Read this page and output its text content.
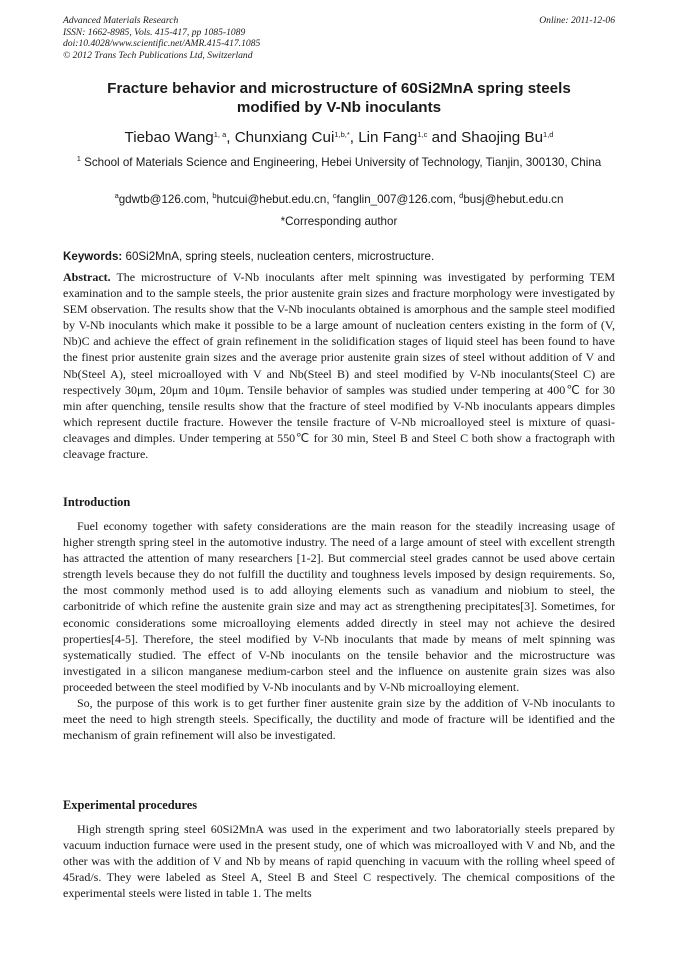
Advanced Materials Research
ISSN: 1662-8985, Vols. 415-417, pp 1085-1089
doi:10.4028/www.scientific.net/AMR.415-417.1085
© 2012 Trans Tech Publications Ltd, Switzerland
Online: 2011-12-06
Fracture behavior and microstructure of 60Si2MnA spring steels
modified by V-Nb inoculants
Tiebao Wang$^{1, a}$, Chunxiang Cui$^{1,b,*}$, Lin Fang$^{1,c}$ and Shaojing Bu$^{1,d}$
$^1$ School of Materials Science and Engineering, Hebei University of Technology, Tianjin, 300130, China
$^a$gdwtb@126.com, $^b$hutcui@hebut.edu.cn, $^c$fanglin_007@126.com, $^d$busj@hebut.edu.cn
*Corresponding author
Keywords: 60Si2MnA, spring steels, nucleation centers, microstructure.
Abstract. The microstructure of V-Nb inoculants after melt spinning was investigated by performing TEM examination and to the sample steels, the prior austenite grain sizes and fracture morphology were investigated by SEM observation. The results show that the V-Nb inoculants obtained is amorphous and the sample steel modified by V-Nb inoculants which make it possible to be a large amount of nucleation centers existing in the form of (V, Nb)C and achieve the effect of grain refinement in the solidification stages of liquid steel has been found to have the finest prior austenite grain sizes and the average prior austenite grain sizes of steel without addition of V and Nb(Steel A), steel microalloyed with V and Nb(Steel B) and steel modified by V-Nb inoculants(Steel C) are respectively 30μm, 20μm and 10μm. Tensile behavior of samples was studied under tempering at 400℃ for 30 min after quenching, tensile results show that the fracture of steel modified by V-Nb inoculants appears dimples which represent ductile fracture. However the tensile fracture of V-Nb microalloyed steel is mixture of quasi-cleavages and dimples. Under tempering at 550℃ for 30 min, Steel B and Steel C both show a fractograph with cleavage fracture.
Introduction

Fuel economy together with safety considerations are the main reason for the steadily increasing usage of higher strength spring steel in the automotive industry. The need of a large amount of steel with excellent strength has attracted the attention of many researchers [1-2]. But commercial steel grades cannot be used above certain strength levels because they do not fulfill the ductility and toughness levels imposed by design requirements. So, the most commonly method used is to add alloying elements such as vanadium and niobium to steel, the carbonitride of which refine the austenite grain size and may act as strengthening precipitates[3]. Sometimes, for economic considerations some microalloying elements added directly in steel may not achieve the desired properties[4-5]. Therefore, the steel modified by V-Nb inoculants that made by means of melt spinning was systematically studied. The effect of V-Nb inoculants on the tensile behavior and the microstructure was investigated in a silicon manganese medium-carbon steel and the influence on austenite grain sizes was also proceeded between the steel modified by V-Nb inoculants and by V-Nb microalloying element.

So, the purpose of this work is to get further finer austenite grain size by the addition of V-Nb inoculants to meet the need to high strength steels. Specifically, the ductility and mode of fracture will be identified and the mechanism of grain refinement will also be investigated.

Experimental procedures

High strength spring steel 60Si2MnA was used in the experiment and two laboratorially steels prepared by vacuum induction furnace were used in the present study, one of which was microalloyed with V and Nb, and the other was with the addition of V and Nb by means of rapid quenching in vacuum with the rolling wheel speed of 45rad/s. They were labeled as Steel A, Steel B and Steel C respectively. The chemical compositions of the experimental steels were listed in table 1. The melts
